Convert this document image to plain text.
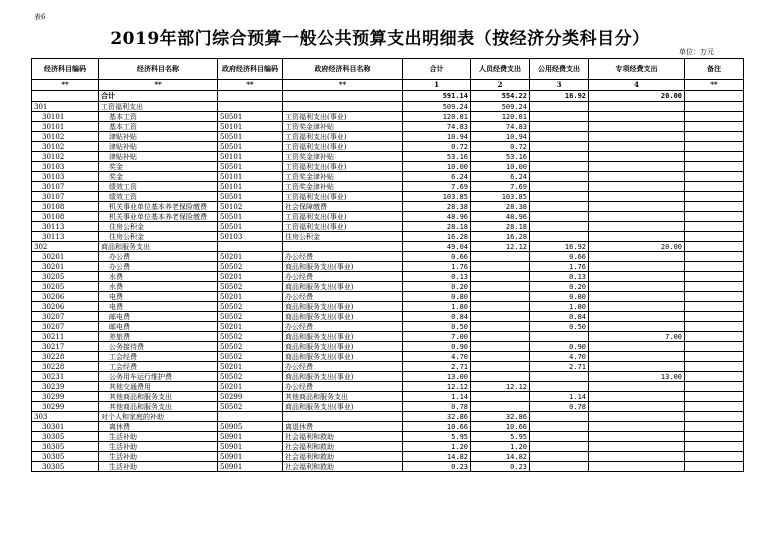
表6
2019年部门综合预算一般公共预算支出明细表（按经济分类科目分）
单位：万元
经济科目编码	经济科目名称	政府经济科目编码	政府经济科目名称	合计	人员经费支出	公用经费支出	专项经费支出	备注
**	**	**	**	1	2	3	4	**
	合计			591.14	554.22	16.92	20.00	
301	工资福利支出			509.24	509.24			
30101	基本工资	50501	工资福利支出(事业)	120.01	120.01			
30101	基本工资	50101	工资奖金津补贴	74.83	74.83			
30102	津贴补贴	50501	工资福利支出(事业)	10.94	10.94			
30102	津贴补贴	50501	工资福利支出(事业)	0.72	0.72			
30102	津贴补贴	50101	工资奖金津补贴	53.16	53.16			
30103	奖金	50501	工资福利支出(事业)	10.00	10.00			
30103	奖金	50101	工资奖金津补贴	6.24	6.24			
30107	绩效工资	50101	工资奖金津补贴	7.69	7.69			
30107	绩效工资	50501	工资福利支出(事业)	103.85	103.85			
30108	机关事业单位基本养老保险缴费	50102	社会保障缴费	28.38	28.38			
30108	机关事业单位基本养老保险缴费	50501	工资福利支出(事业)	48.96	48.96			
30113	住房公积金	50501	工资福利支出(事业)	28.18	28.18			
30113	住房公积金	50103	住房公积金	16.28	16.28			
302	商品和服务支出			49.04	12.12	16.92	20.00	
30201	办公费	50201	办公经费	0.66		0.66		
30201	办公费	50502	商品和服务支出(事业)	1.76		1.76		
30205	水费	50201	办公经费	0.13		0.13		
30205	水费	50502	商品和服务支出(事业)	0.20		0.20		
30206	电费	50201	办公经费	0.80		0.80		
30206	电费	50502	商品和服务支出(事业)	1.80		1.80		
30207	邮电费	50502	商品和服务支出(事业)	0.84		0.84		
30207	邮电费	50201	办公经费	0.50		0.50		
30211	差旅费	50502	商品和服务支出(事业)	7.00			7.00	
30217	公务接待费	50502	商品和服务支出(事业)	0.90		0.90		
30228	工会经费	50502	商品和服务支出(事业)	4.70		4.70		
30228	工会经费	50201	办公经费	2.71		2.71		
30231	公务用车运行维护费	50502	商品和服务支出(事业)	13.00			13.00	
30239	其他交通费用	50201	办公经费	12.12	12.12			
30299	其他商品和服务支出	50299	其他商品和服务支出	1.14		1.14		
30299	其他商品和服务支出	50502	商品和服务支出(事业)	0.78		0.78		
303	对个人和家庭的补助			32.86	32.86			
30301	离休费	50905	离退休费	10.66	10.66			
30305	生活补助	50901	社会福利和救助	5.95	5.95			
30305	生活补助	50901	社会福利和救助	1.20	1.20			
30305	生活补助	50901	社会福利和救助	14.82	14.82			
30305	生活补助	50901	社会福利和救助	0.23	0.23			
